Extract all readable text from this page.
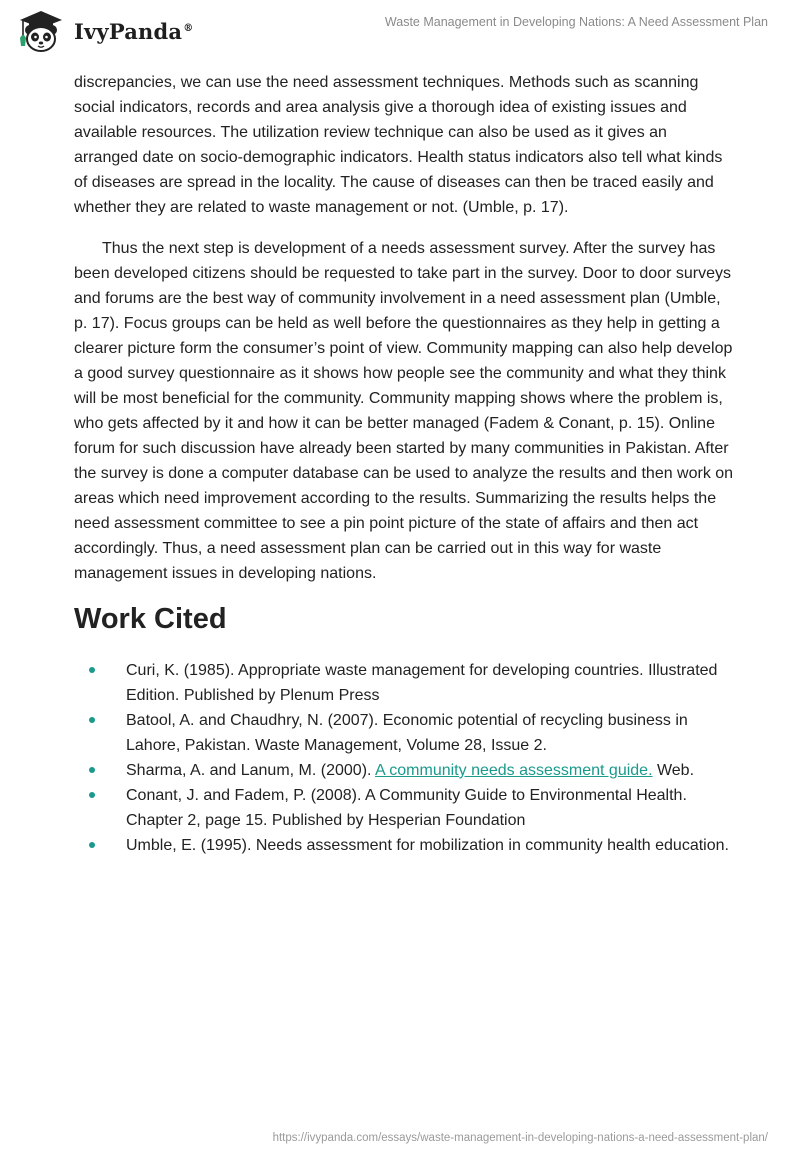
IvyPanda®	Waste Management in Developing Nations: A Need Assessment Plan

discrepancies, we can use the need assessment techniques. Methods such as scanning social indicators, records and area analysis give a thorough idea of existing issues and available resources. The utilization review technique can also be used as it gives an arranged date on socio-demographic indicators. Health status indicators also tell what kinds of diseases are spread in the locality. The cause of diseases can then be traced easily and whether they are related to waste management or not. (Umble, p. 17).

Thus the next step is development of a needs assessment survey. After the survey has been developed citizens should be requested to take part in the survey. Door to door surveys and forums are the best way of community involvement in a need assessment plan (Umble, p. 17). Focus groups can be held as well before the questionnaires as they help in getting a clearer picture form the consumer’s point of view. Community mapping can also help develop a good survey questionnaire as it shows how people see the community and what they think will be most beneficial for the community. Community mapping shows where the problem is, who gets affected by it and how it can be better managed (Fadem & Conant, p. 15). Online forum for such discussion have already been started by many communities in Pakistan. After the survey is done a computer database can be used to analyze the results and then work on areas which need improvement according to the results. Summarizing the results helps the need assessment committee to see a pin point picture of the state of affairs and then act accordingly. Thus, a need assessment plan can be carried out in this way for waste management issues in developing nations.

Work Cited
Curi, K. (1985). Appropriate waste management for developing countries. Illustrated Edition. Published by Plenum Press
Batool, A. and Chaudhry, N. (2007). Economic potential of recycling business in Lahore, Pakistan. Waste Management, Volume 28, Issue 2.
Sharma, A. and Lanum, M. (2000). A community needs assessment guide. Web.
Conant, J. and Fadem, P. (2008). A Community Guide to Environmental Health. Chapter 2, page 15. Published by Hesperian Foundation
Umble, E. (1995). Needs assessment for mobilization in community health education.
https://ivypanda.com/essays/waste-management-in-developing-nations-a-need-assessment-plan/
